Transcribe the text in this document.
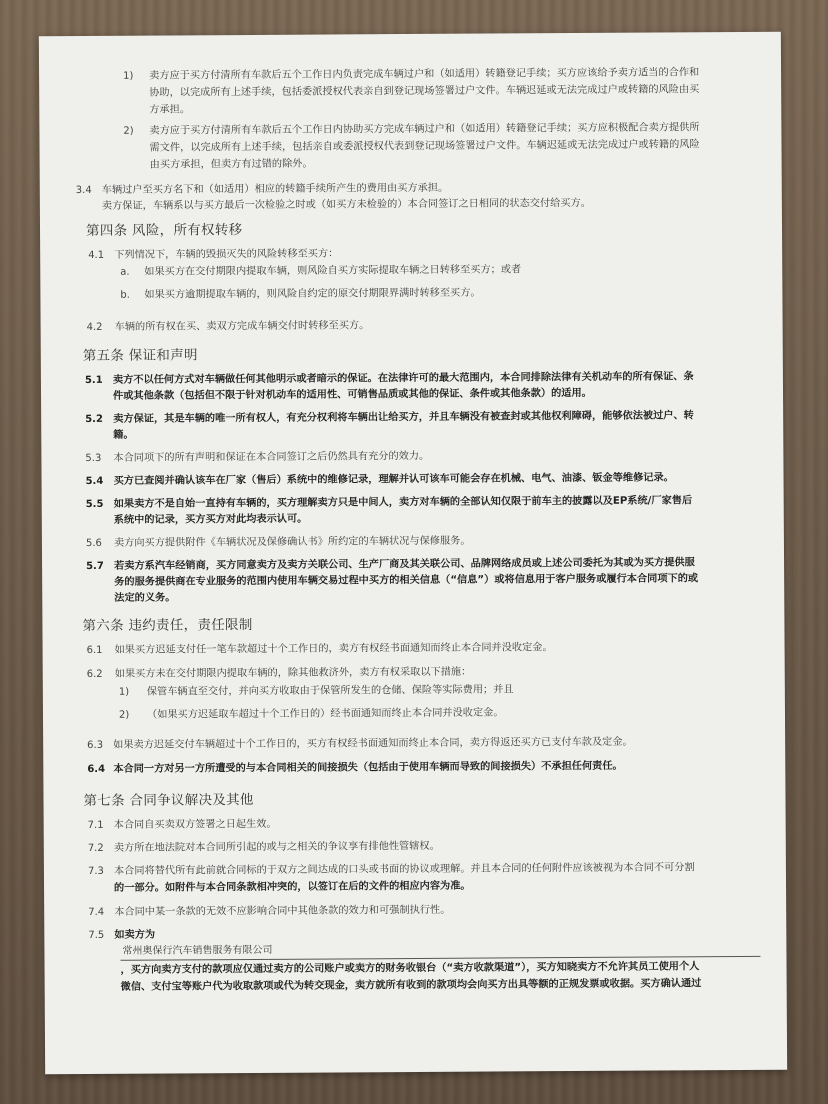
1) 卖方应于买方付清所有车款后五个工作日内负责完成车辆过户和（如适用）转籍登记手续；买方应该给予卖方适当的合作和
协助，以完成所有上述手续，包括委派授权代表亲自到登记现场签署过户文件。车辆迟延或无法完成过户或转籍的风险由买
方承担。
2) 卖方应于买方付清所有车款后五个工作日内协助买方完成车辆过户和（如适用）转籍登记手续；买方应积极配合卖方提供所
需文件，以完成所有上述手续，包括亲自或委派授权代表到登记现场签署过户文件。车辆迟延或无法完成过户或转籍的风险
由买方承担，但卖方有过错的除外。
3.4 车辆过户至买方名下和（如适用）相应的转籍手续所产生的费用由买方承担。
卖方保证，车辆系以与买方最后一次检验之时或（如买方未检验的）本合同签订之日相同的状态交付给买方。
第四条 风险，所有权转移
4.1 下列情况下，车辆的毁损灭失的风险转移至买方：
a. 如果买方在交付期限内提取车辆，则风险自买方实际提取车辆之日转移至买方；或者
b. 如果买方逾期提取车辆的，则风险自约定的原交付期限界满时转移至买方。
4.2 车辆的所有权在买、卖双方完成车辆交付时转移至买方。
第五条 保证和声明
5.1 卖方不以任何方式对车辆做任何其他明示或者暗示的保证。在法律许可的最大范围内，本合同排除法律有关机动车的所有保证、条
件或其他条款（包括但不限于针对机动车的适用性、可销售品质或其他的保证、条件或其他条款）的适用。
5.2 卖方保证，其是车辆的唯一所有权人，有充分权利将车辆出让给买方，并且车辆没有被查封或其他权利障碍，能够依法被过户、转
籍。
5.3 本合同项下的所有声明和保证在本合同签订之后仍然具有充分的效力。
5.4 买方已查阅并确认该车在厂家（售后）系统中的维修记录，理解并认可该车可能会存在机械、电气、油漆、钣金等维修记录。
5.5 如果卖方不是自始一直持有车辆的，买方理解卖方只是中间人，卖方对车辆的全部认知仅限于前车主的披露以及EP系统/厂家售后
系统中的记录，买方买方对此均表示认可。
5.6 卖方向买方提供附件《车辆状况及保修确认书》所约定的车辆状况与保修服务。
5.7 若卖方系汽车经销商，买方同意卖方及卖方关联公司、生产厂商及其关联公司、品牌网络成员或上述公司委托为其或为买方提供服
务的服务提供商在专业服务的范围内使用车辆交易过程中买方的相关信息（“信息”）或将信息用于客户服务或履行本合同项下的或
法定的义务。
第六条 违约责任，责任限制
6.1 如果买方迟延支付任一笔车款超过十个工作日的，卖方有权经书面通知而终止本合同并没收定金。
6.2 如果买方未在交付期限内提取车辆的，除其他救济外，卖方有权采取以下措施：
1) 保管车辆直至交付，并向买方收取由于保管所发生的仓储、保险等实际费用；并且
2) （如果买方迟延取车超过十个工作日的）经书面通知而终止本合同并没收定金。
6.3 如果卖方迟延交付车辆超过十个工作日的，买方有权经书面通知而终止本合同，卖方得返还买方已支付车款及定金。
6.4 本合同一方对另一方所遭受的与本合同相关的间接损失（包括由于使用车辆而导致的间接损失）不承担任何责任。
第七条 合同争议解决及其他
7.1 本合同自买卖双方签署之日起生效。
7.2 卖方所在地法院对本合同所引起的或与之相关的争议享有排他性管辖权。
7.3 本合同将替代所有此前就合同标的于双方之间达成的口头或书面的协议或理解。并且本合同的任何附件应该被视为本合同不可分割
的一部分。如附件与本合同条款相冲突的，以签订在后的文件的相应内容为准。
7.4 本合同中某一条款的无效不应影响合同中其他条款的效力和可强制执行性。
7.5 如卖方为
常州奥保行汽车销售服务有限公司
，买方向卖方支付的款项应仅通过卖方的公司账户或卖方的财务收银台（“卖方收款渠道”），买方知晓卖方不允许其员工使用个人
微信、支付宝等账户代为收取款项或代为转交现金，卖方就所有收到的款项均会向买方出具等额的正规发票或收据。买方确认通过
